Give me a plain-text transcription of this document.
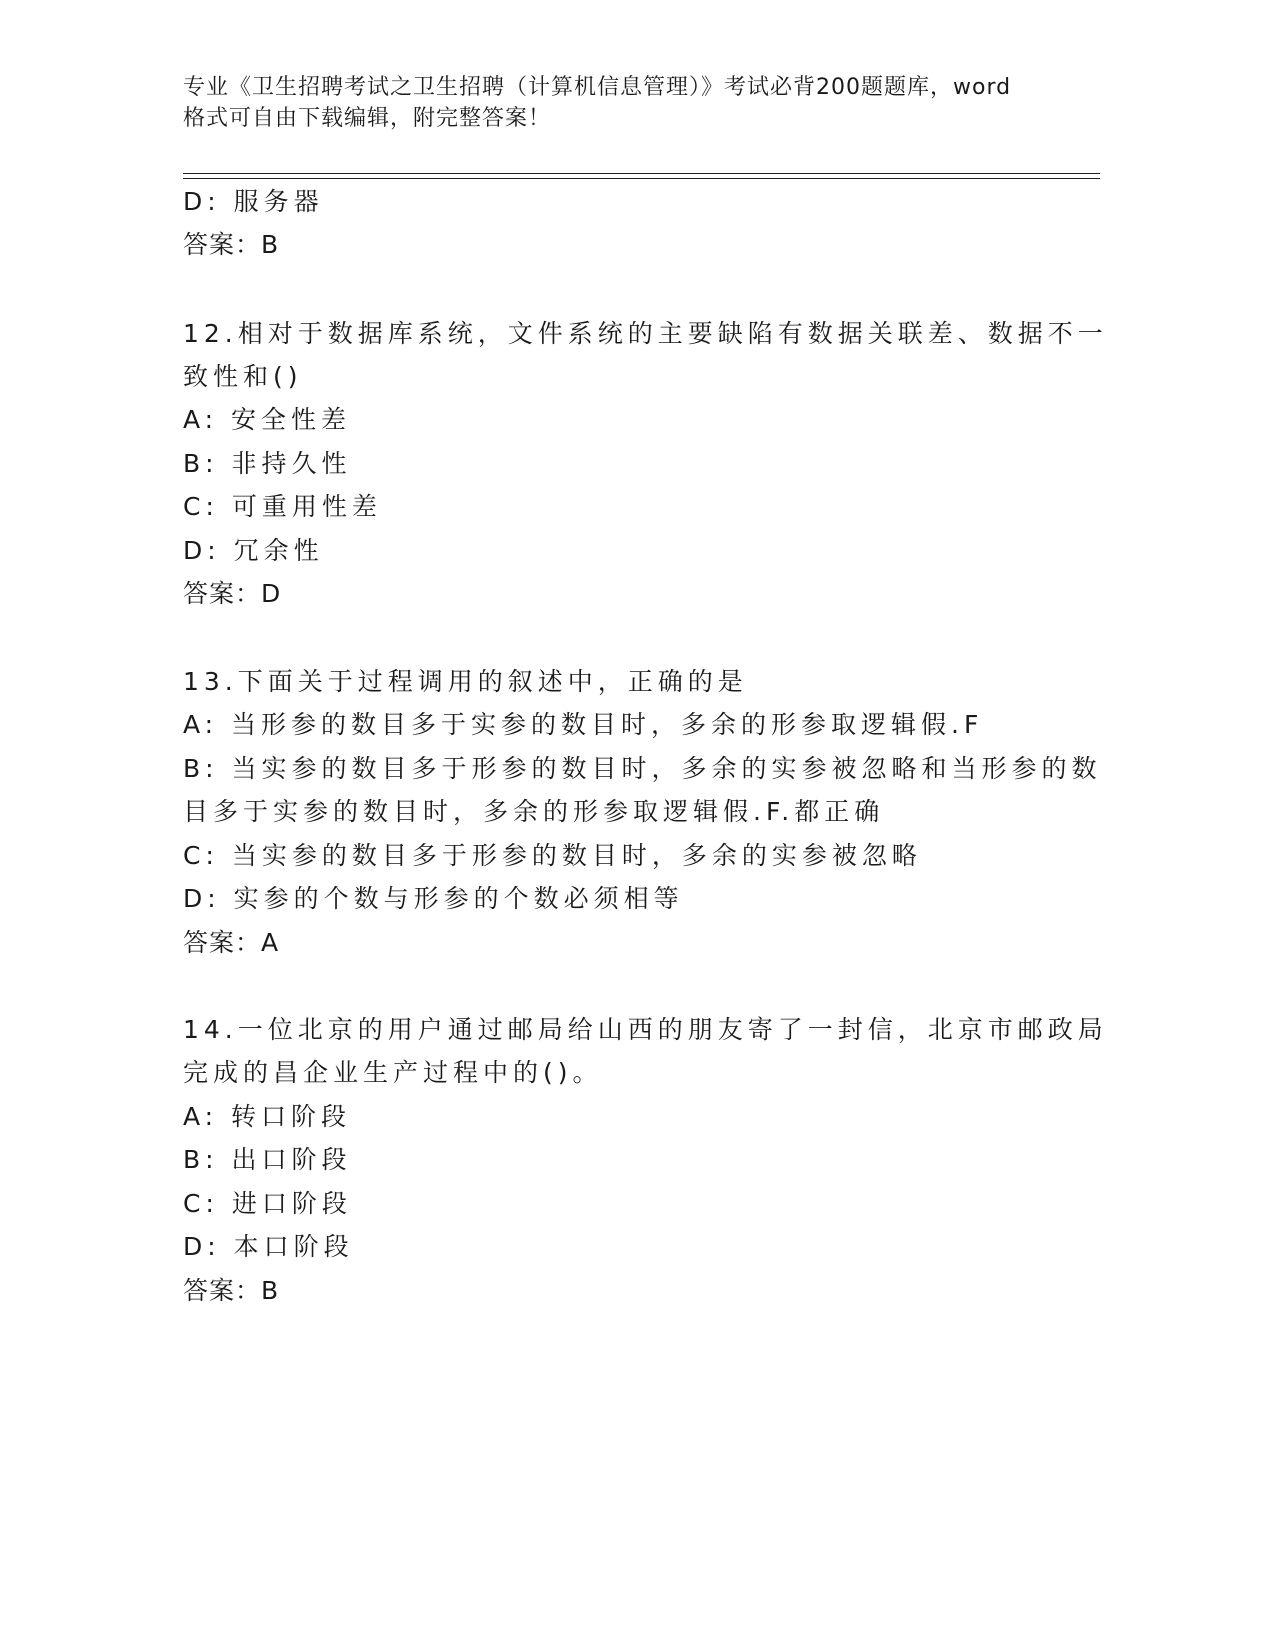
专业《卫生招聘考试之卫生招聘（计算机信息管理）》考试必背200题题库，word
格式可自由下载编辑，附完整答案！
D: 服务器
答案：B
12.相对于数据库系统，文件系统的主要缺陷有数据关联差、数据不一
致性和()
A: 安全性差
B: 非持久性
C: 可重用性差
D: 冗余性
答案：D
13.下面关于过程调用的叙述中，正确的是
A: 当形参的数目多于实参的数目时，多余的形参取逻辑假.F
B: 当实参的数目多于形参的数目时，多余的实参被忽略和当形参的数
目多于实参的数目时，多余的形参取逻辑假.F.都正确
C: 当实参的数目多于形参的数目时，多余的实参被忽略
D: 实参的个数与形参的个数必须相等
答案：A
14.一位北京的用户通过邮局给山西的朋友寄了一封信，北京市邮政局
完成的昌企业生产过程中的()。
A: 转口阶段
B: 出口阶段
C: 进口阶段
D: 本口阶段
答案：B
